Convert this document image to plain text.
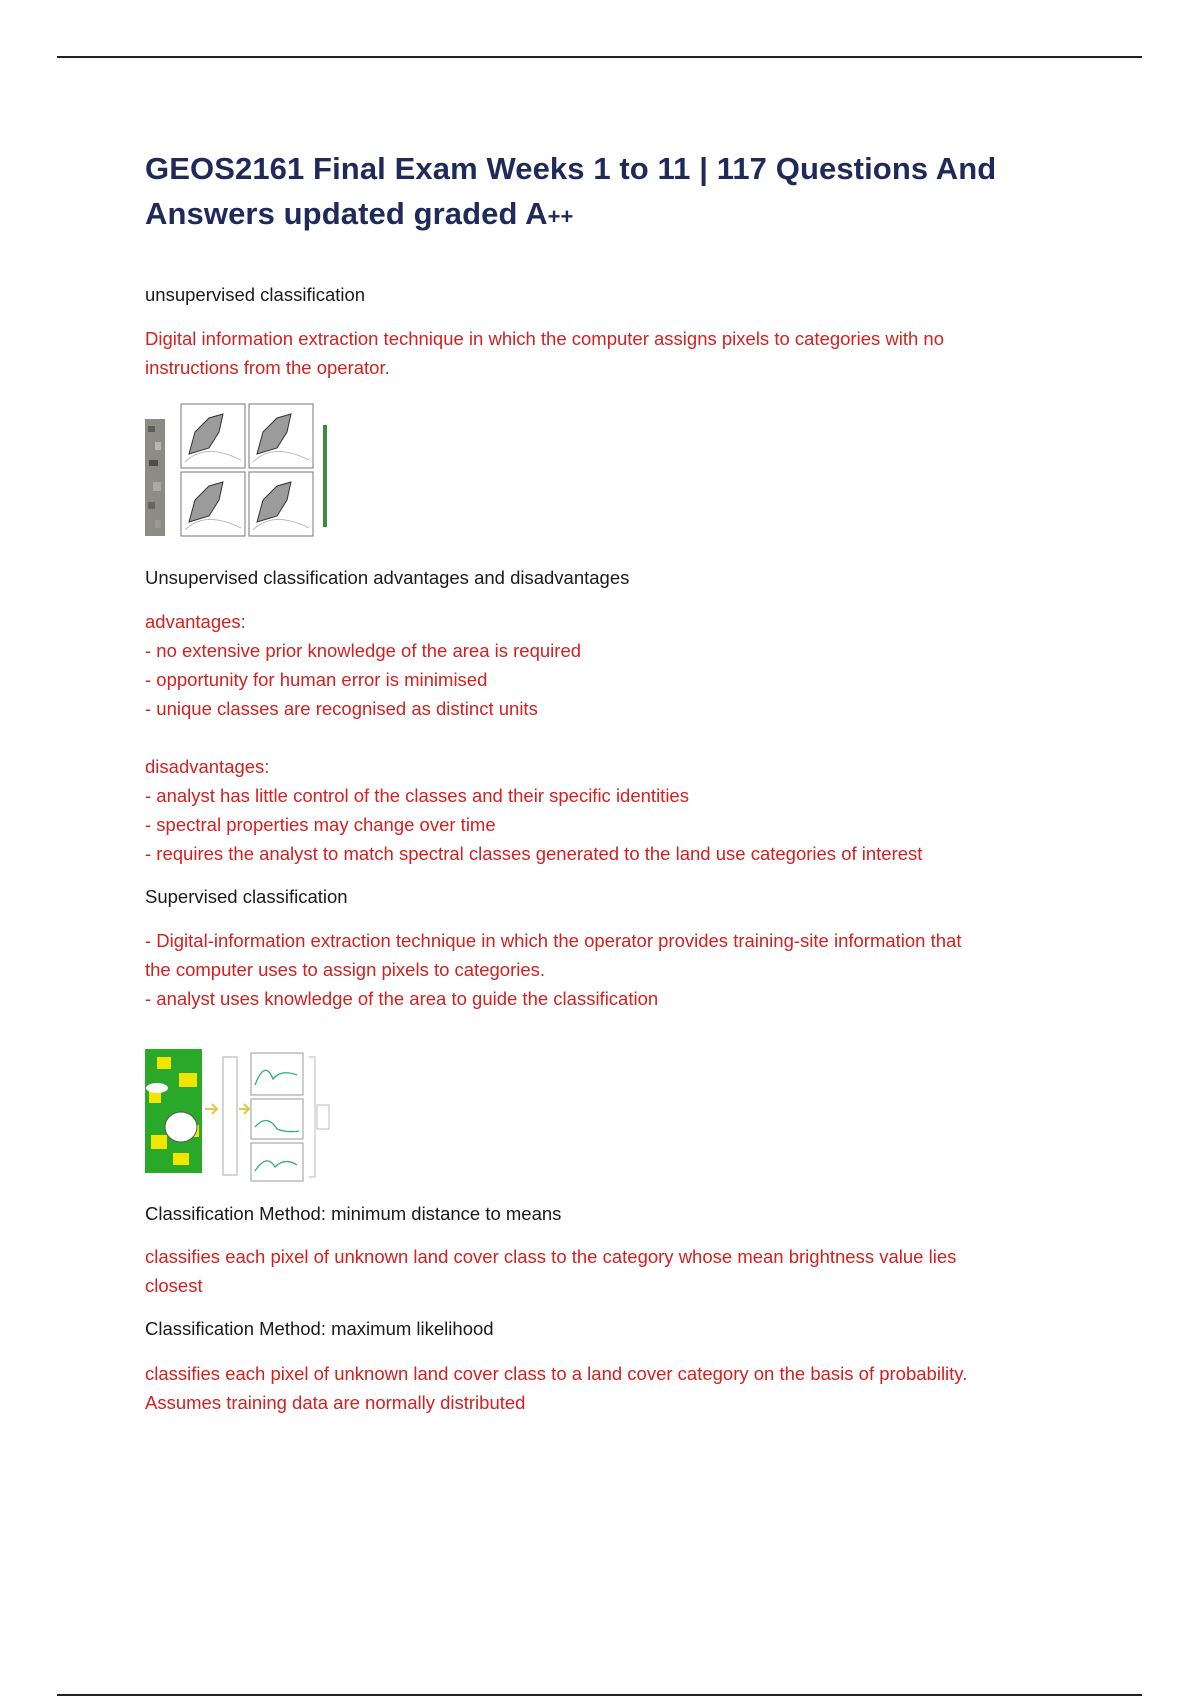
GEOS2161 Final Exam Weeks 1 to 11 | 117 Questions And Answers updated graded A++

unsupervised classification

Digital information extraction technique in which the computer assigns pixels to categories with no
instructions from the operator.

Unsupervised classification advantages and disadvantages

advantages:
- no extensive prior knowledge of the area is required
- opportunity for human error is minimised
- unique classes are recognised as distinct units
disadvantages:
- analyst has little control of the classes and their specific identities
- spectral properties may change over time
- requires the analyst to match spectral classes generated to the land use categories of interest

Supervised classification

- Digital-information extraction technique in which the operator provides training-site information that
the computer uses to assign pixels to categories.
- analyst uses knowledge of the area to guide the classification

Classification Method: minimum distance to means

classifies each pixel of unknown land cover class to the category whose mean brightness value lies
closest

Classification Method: maximum likelihood

classifies each pixel of unknown land cover class to a land cover category on the basis of probability.
Assumes training data are normally distributed
